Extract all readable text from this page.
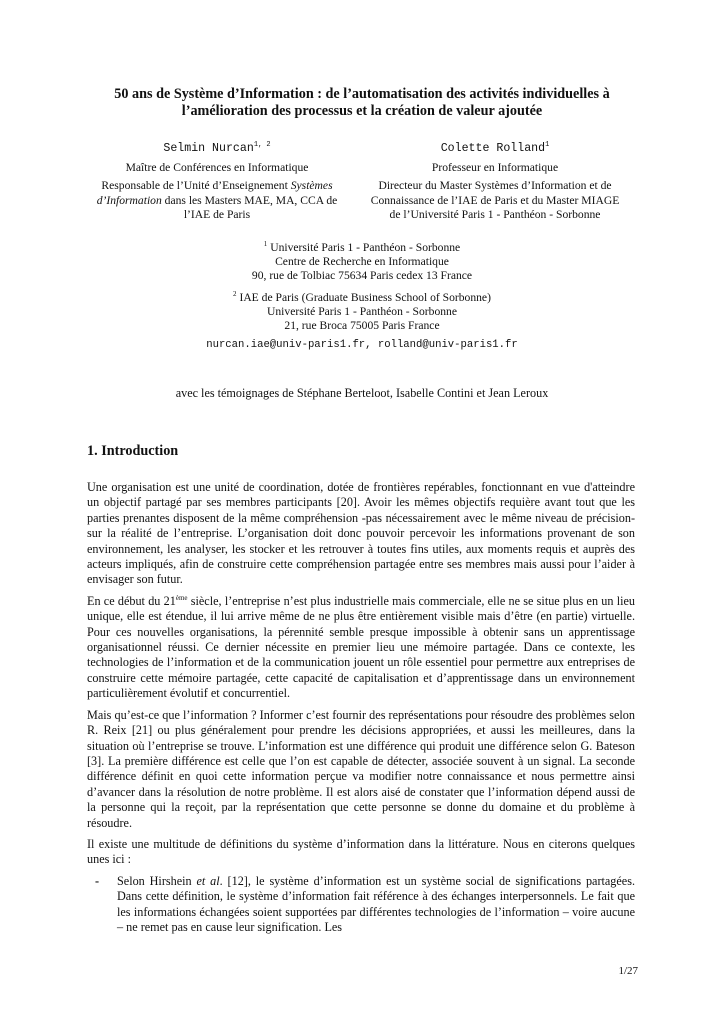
50 ans de Système d’Information : de l’automatisation des activités individuelles à
l’amélioration des processus et la création de valeur ajoutée
Selmin Nurcan$^{1, 2}$
Maître de Conférences en Informatique
Responsable de l’Unité d’Enseignement Systèmes d’Information dans les Masters MAE, MA, CCA de l’IAE de Paris
Colette Rolland$^1$
Professeur en Informatique
Directeur du Master Systèmes d’Information et de Connaissance de l’IAE de Paris et du Master MIAGE de l’Université Paris 1 - Panthéon - Sorbonne
$^1$ Université Paris 1 - Panthéon - Sorbonne
Centre de Recherche en Informatique
90, rue de Tolbiac 75634 Paris cedex 13 France
$^2$ IAE de Paris (Graduate Business School of Sorbonne)
Université Paris 1 - Panthéon - Sorbonne
21, rue Broca 75005 Paris France
nurcan.iae@univ-paris1.fr, rolland@univ-paris1.fr
avec les témoignages de Stéphane Berteloot, Isabelle Contini et Jean Leroux
1. Introduction

Une organisation est une unité de coordination, dotée de frontières repérables, fonctionnant en vue d'atteindre un objectif partagé par ses membres participants [20]. Avoir les mêmes objectifs requière avant tout que les parties prenantes disposent de la même compréhension -pas nécessairement avec le même niveau de précision- sur la réalité de l’entreprise. L’organisation doit donc pouvoir percevoir les informations provenant de son environnement, les analyser, les stocker et les retrouver à toutes fins utiles, aux moments requis et auprès des acteurs impliqués, afin de construire cette compréhension partagée entre ses membres mais aussi pour l’aider à envisager son futur.

En ce début du 21ème siècle, l’entreprise n’est plus industrielle mais commerciale, elle ne se situe plus en un lieu unique, elle est étendue, il lui arrive même de ne plus être entièrement visible mais d’être (en partie) virtuelle. Pour ces nouvelles organisations, la pérennité semble presque impossible à obtenir sans un apprentissage organisationnel réussi. Ce dernier nécessite en premier lieu une mémoire partagée. Dans ce contexte, les technologies de l’information et de la communication jouent un rôle essentiel pour permettre aux entreprises de construire cette mémoire partagée, cette capacité de capitalisation et d’apprentissage dans un environnement particulièrement évolutif et concurrentiel.

Mais qu’est-ce que l’information ? Informer c’est fournir des représentations pour résoudre des problèmes selon R. Reix [21] ou plus généralement pour prendre les décisions appropriées, et aussi les meilleures, dans la situation où l’entreprise se trouve. L’information est une différence qui produit une différence selon G. Bateson [3]. La première différence est celle que l’on est capable de détecter, associée souvent à un signal. La seconde différence définit en quoi cette information perçue va modifier notre connaissance et nous permettre ainsi d’avancer dans la résolution de notre problème. Il est alors aisé de constater que l’information dépend aussi de la personne qui la reçoit, par la représentation que cette personne se donne du domaine et du problème à résoudre.

Il existe une multitude de définitions du système d’information dans la littérature. Nous en citerons quelques unes ici :

-	Selon Hirshein et al. [12], le système d’information est un système social de significations partagées. Dans cette définition, le système d’information fait référence à des échanges interpersonnels. Le fait que les informations échangées soient supportées par différentes technologies de l’information – voire aucune – ne remet pas en cause leur signification. Les
1/27
